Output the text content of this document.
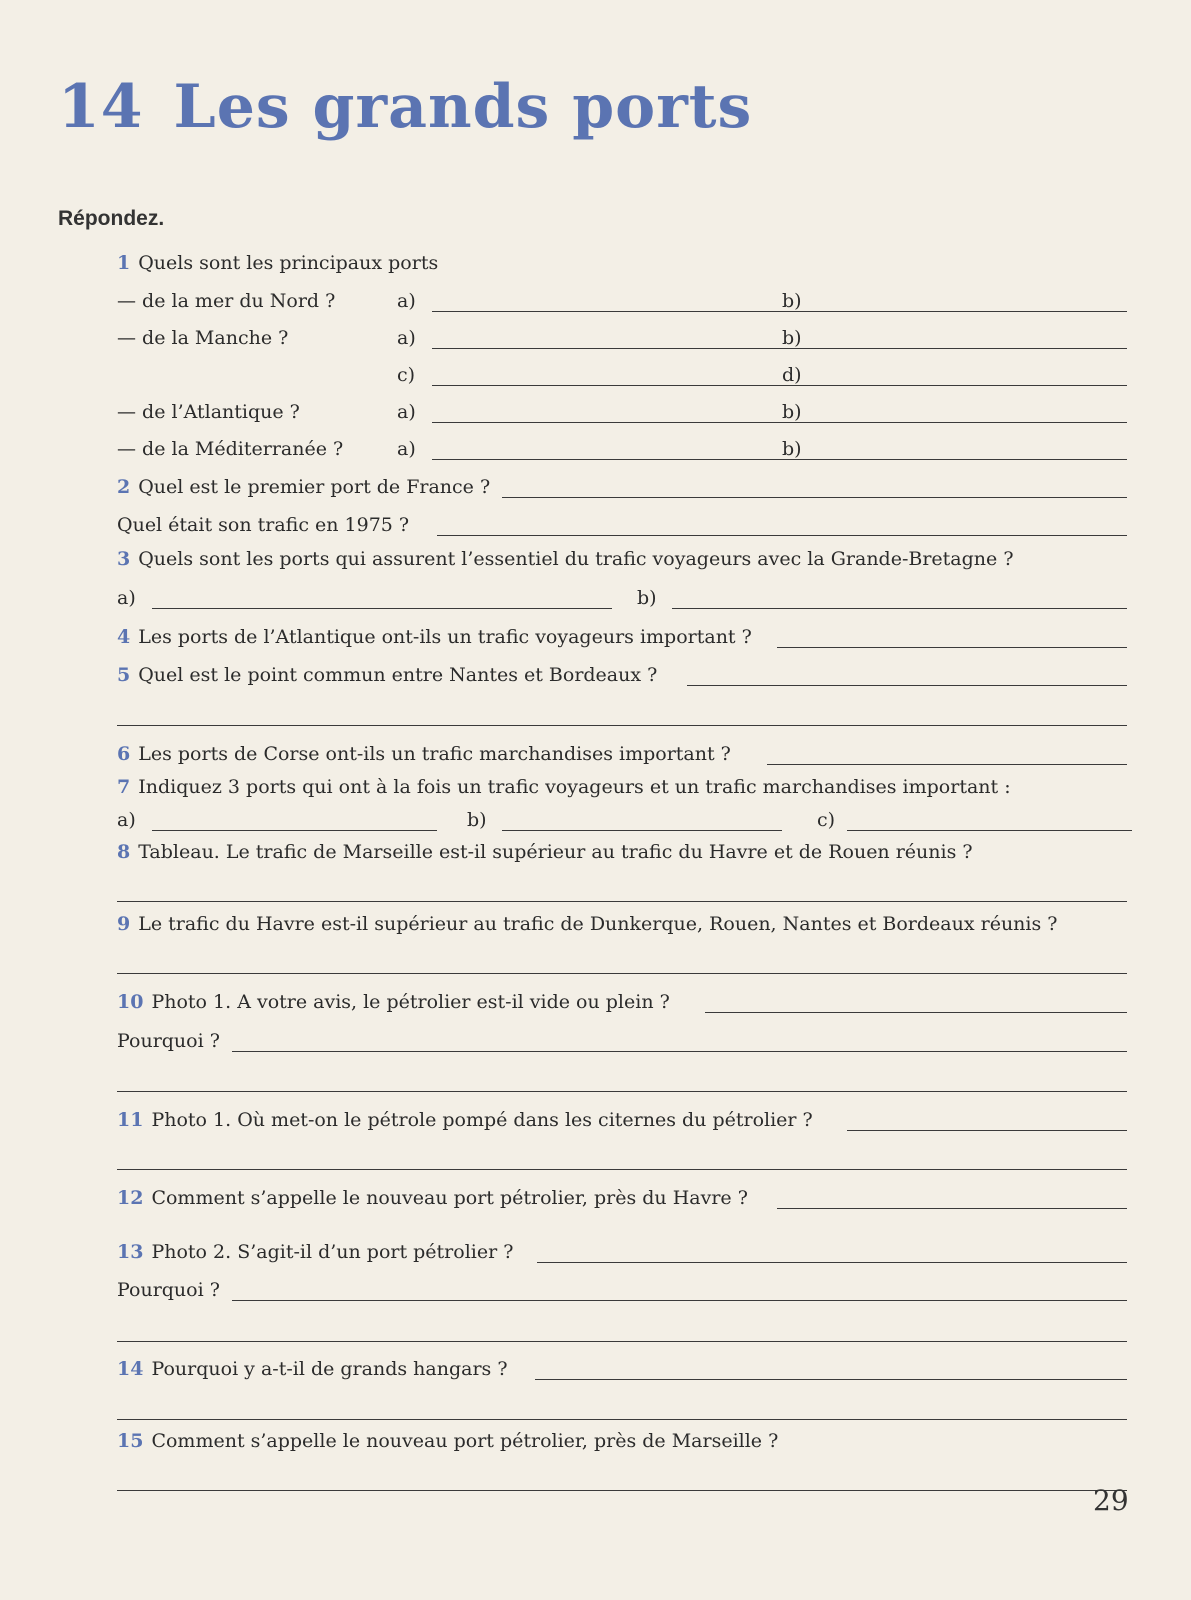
14 Les grands ports
Répondez.
1 Quels sont les principaux ports
— de la mer du Nord ?	a)	b)
— de la Manche ?	a)	b)
c)	d)
— de l’Atlantique ?	a)	b)
— de la Méditerranée ?	a)	b)
2 Quel est le premier port de France ?
Quel était son trafic en 1975 ?
3 Quels sont les ports qui assurent l’essentiel du trafic voyageurs avec la Grande-Bretagne ?
a)	b)
4 Les ports de l’Atlantique ont-ils un trafic voyageurs important ?
5 Quel est le point commun entre Nantes et Bordeaux ?
6 Les ports de Corse ont-ils un trafic marchandises important ?
7 Indiquez 3 ports qui ont à la fois un trafic voyageurs et un trafic marchandises important :
a)	b)	c)
8 Tableau. Le trafic de Marseille est-il supérieur au trafic du Havre et de Rouen réunis ?
9 Le trafic du Havre est-il supérieur au trafic de Dunkerque, Rouen, Nantes et Bordeaux réunis ?
10 Photo 1. A votre avis, le pétrolier est-il vide ou plein ?
Pourquoi ?
11 Photo 1. Où met-on le pétrole pompé dans les citernes du pétrolier ?
12 Comment s’appelle le nouveau port pétrolier, près du Havre ?
13 Photo 2. S’agit-il d’un port pétrolier ?
Pourquoi ?
14 Pourquoi y a-t-il de grands hangars ?
15 Comment s’appelle le nouveau port pétrolier, près de Marseille ?
29
